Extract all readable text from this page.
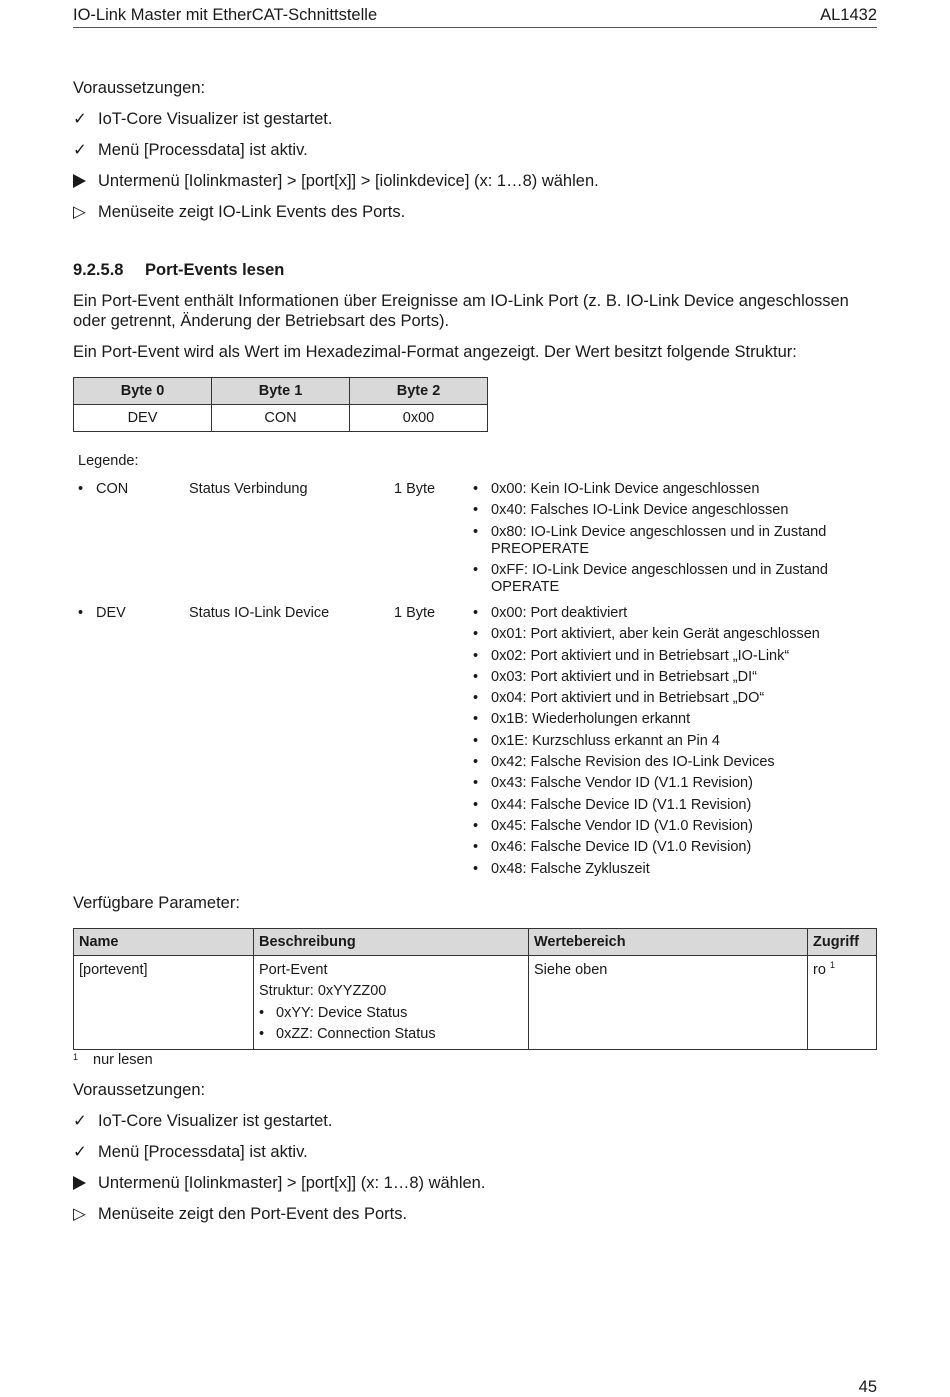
IO-Link Master mit EtherCAT-Schnittstelle	AL1432
Voraussetzungen:
✓ IoT-Core Visualizer ist gestartet.
✓ Menü [Processdata] ist aktiv.
Untermenü [Iolinkmaster] > [port[x]] > [iolinkdevice] (x: 1…8) wählen.
▷ Menüseite zeigt IO-Link Events des Ports.
9.2.5.8 Port-Events lesen
Ein Port-Event enthält Informationen über Ereignisse am IO-Link Port (z. B. IO-Link Device angeschlossen oder getrennt, Änderung der Betriebsart des Ports).
Ein Port-Event wird als Wert im Hexadezimal-Format angezeigt. Der Wert besitzt folgende Struktur:
Byte 0	Byte 1	Byte 2
DEV	CON	0x00
Legende:
• CON	Status Verbindung	1 Byte	• 0x00: Kein IO-Link Device angeschlossen
• 0x40: Falsches IO-Link Device angeschlossen
• 0x80: IO-Link Device angeschlossen und in Zustand PREOPERATE
• 0xFF: IO-Link Device angeschlossen und in Zustand OPERATE
• DEV	Status IO-Link Device	1 Byte	• 0x00: Port deaktiviert
• 0x01: Port aktiviert, aber kein Gerät angeschlossen
• 0x02: Port aktiviert und in Betriebsart „IO-Link“
• 0x03: Port aktiviert und in Betriebsart „DI“
• 0x04: Port aktiviert und in Betriebsart „DO“
• 0x1B: Wiederholungen erkannt
• 0x1E: Kurzschluss erkannt an Pin 4
• 0x42: Falsche Revision des IO-Link Devices
• 0x43: Falsche Vendor ID (V1.1 Revision)
• 0x44: Falsche Device ID (V1.1 Revision)
• 0x45: Falsche Vendor ID (V1.0 Revision)
• 0x46: Falsche Device ID (V1.0 Revision)
• 0x48: Falsche Zykluszeit
Verfügbare Parameter:
Name	Beschreibung	Wertebereich	Zugriff
[portevent]	Port-Event
Struktur: 0xYYZZ00
• 0xYY: Device Status
• 0xZZ: Connection Status	Siehe oben	ro $^1$
$^1$ nur lesen
Voraussetzungen:
✓ IoT-Core Visualizer ist gestartet.
✓ Menü [Processdata] ist aktiv.
Untermenü [Iolinkmaster] > [port[x]] (x: 1…8) wählen.
▷ Menüseite zeigt den Port-Event des Ports.
45
